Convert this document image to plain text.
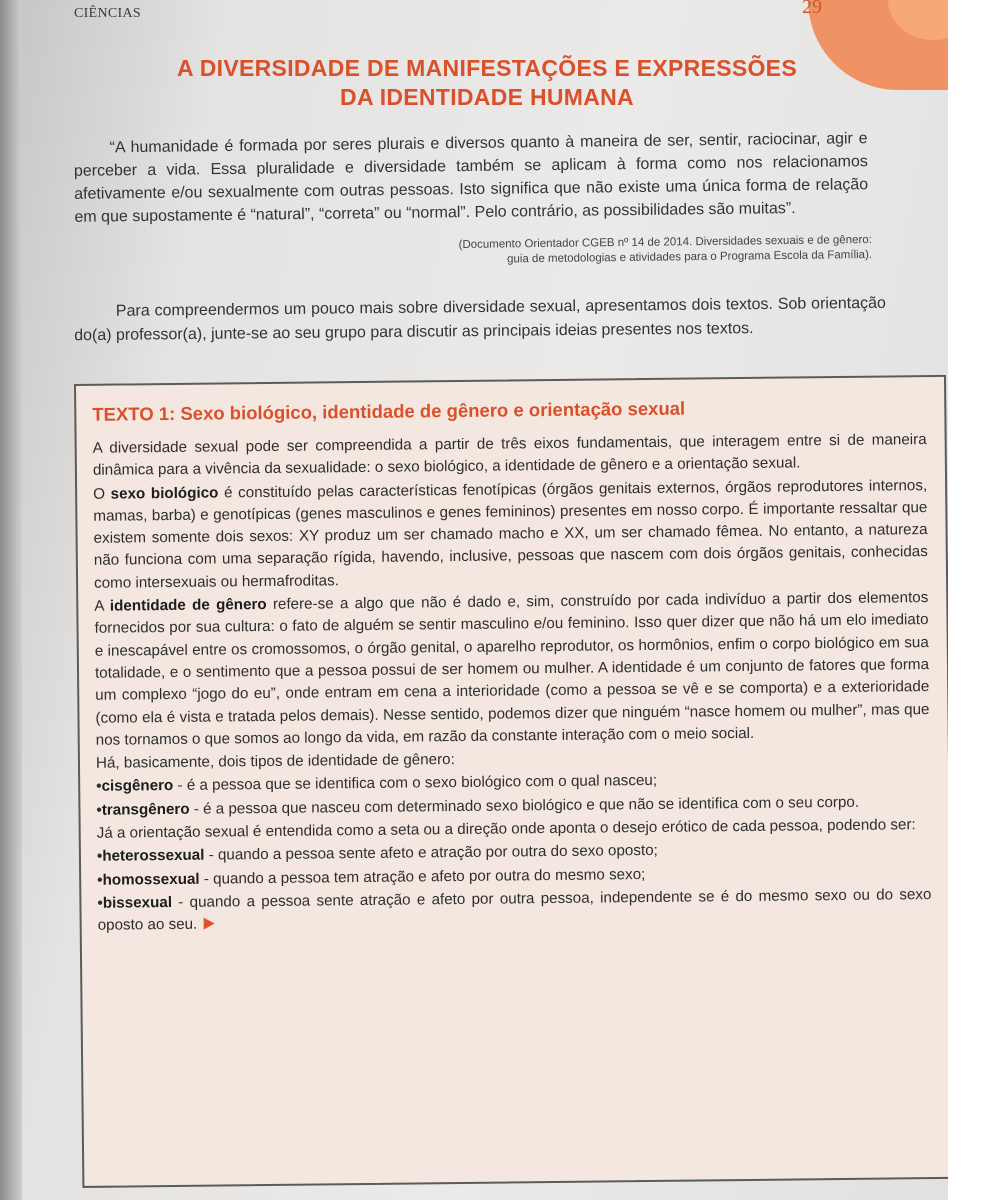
CIÊNCIAS	29
A DIVERSIDADE DE MANIFESTAÇÕES E EXPRESSÕES
DA IDENTIDADE HUMANA
“A humanidade é formada por seres plurais e diversos quanto à maneira de ser, sentir, raciocinar, agir e perceber a vida. Essa pluralidade e diversidade também se aplicam à forma como nos relacionamos afetivamente e/ou sexualmente com outras pessoas. Isto significa que não existe uma única forma de relação em que supostamente é “natural”, “correta” ou “normal”. Pelo contrário, as possibilidades são muitas”.
(Documento Orientador CGEB nº 14 de 2014. Diversidades sexuais e de gênero:
guia de metodologias e atividades para o Programa Escola da Família).
Para compreendermos um pouco mais sobre diversidade sexual, apresentamos dois textos. Sob orientação do(a) professor(a), junte-se ao seu grupo para discutir as principais ideias presentes nos textos.
TEXTO 1: Sexo biológico, identidade de gênero e orientação sexual

A diversidade sexual pode ser compreendida a partir de três eixos fundamentais, que interagem entre si de maneira dinâmica para a vivência da sexualidade: o sexo biológico, a identidade de gênero e a orientação sexual.

O sexo biológico é constituído pelas características fenotípicas (órgãos genitais externos, órgãos reprodutores internos, mamas, barba) e genotípicas (genes masculinos e genes femininos) presentes em nosso corpo. É importante ressaltar que existem somente dois sexos: XY produz um ser chamado macho e XX, um ser chamado fêmea. No entanto, a natureza não funciona com uma separação rígida, havendo, inclusive, pessoas que nascem com dois órgãos genitais, conhecidas como intersexuais ou hermafroditas.

A identidade de gênero refere-se a algo que não é dado e, sim, construído por cada indivíduo a partir dos elementos fornecidos por sua cultura: o fato de alguém se sentir masculino e/ou feminino. Isso quer dizer que não há um elo imediato e inescapável entre os cromossomos, o órgão genital, o aparelho reprodutor, os hormônios, enfim o corpo biológico em sua totalidade, e o sentimento que a pessoa possui de ser homem ou mulher. A identidade é um conjunto de fatores que forma um complexo “jogo do eu”, onde entram em cena a interioridade (como a pessoa se vê e se comporta) e a exterioridade (como ela é vista e tratada pelos demais). Nesse sentido, podemos dizer que ninguém “nasce homem ou mulher”, mas que nos tornamos o que somos ao longo da vida, em razão da constante interação com o meio social.

Há, basicamente, dois tipos de identidade de gênero:

• cisgênero - é a pessoa que se identifica com o sexo biológico com o qual nasceu;

• transgênero - é a pessoa que nasceu com determinado sexo biológico e que não se identifica com o seu corpo.

Já a orientação sexual é entendida como a seta ou a direção onde aponta o desejo erótico de cada pessoa, podendo ser:

• heterossexual - quando a pessoa sente afeto e atração por outra do sexo oposto;

• homossexual - quando a pessoa tem atração e afeto por outra do mesmo sexo;

• bissexual - quando a pessoa sente atração e afeto por outra pessoa, independente se é do mesmo sexo ou do sexo oposto ao seu.
